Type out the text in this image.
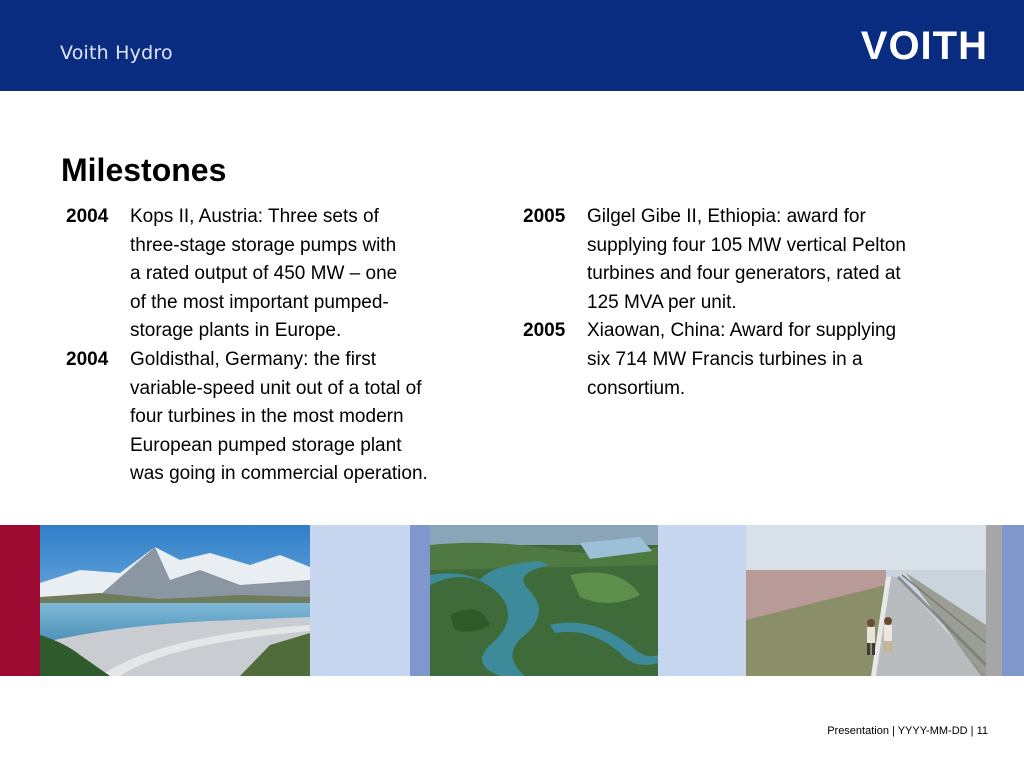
Voith Hydro	VOITH
Milestones
2004	Kops II, Austria: Three sets of
three-stage storage pumps with
a rated output of 450 MW – one
of the most important pumped-
storage plants in Europe.
2004	Goldisthal, Germany: the first
variable-speed unit out of a total of
four turbines in the most modern
European pumped storage plant
was going in commercial operation.
2005	Gilgel Gibe II, Ethiopia: award for
supplying four 105 MW vertical Pelton
turbines and four generators, rated at
125 MVA per unit.
2005	Xiaowan, China: Award for supplying
six 714 MW Francis turbines in a
consortium.
Presentation | YYYY-MM-DD | 11
